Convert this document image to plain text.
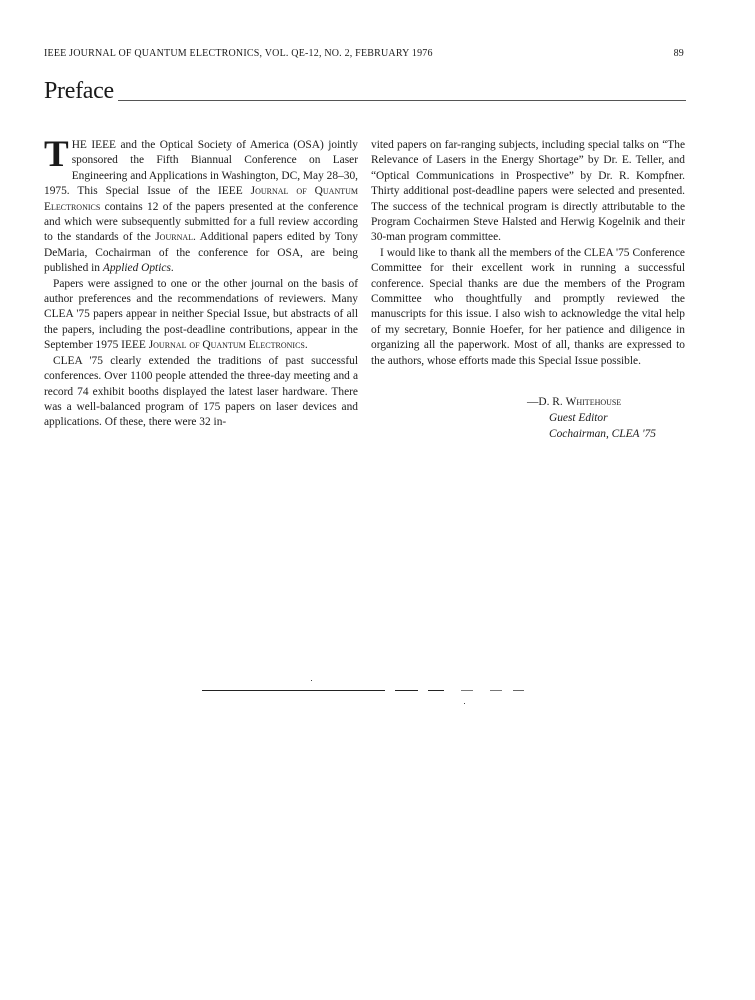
IEEE JOURNAL OF QUANTUM ELECTRONICS, VOL. QE-12, NO. 2, FEBRUARY 1976	89
Preface

THE IEEE and the Optical Society of America (OSA) jointly sponsored the Fifth Biannual Conference on Laser Engineering and Applications in Washington, DC, May 28–30, 1975. This Special Issue of the IEEE Journal of Quantum Electronics contains 12 of the papers presented at the conference and which were subsequently submitted for a full review according to the standards of the Journal. Additional papers edited by Tony DeMaria, Cochairman of the conference for OSA, are being published in Applied Optics.

Papers were assigned to one or the other journal on the basis of author preferences and the recommendations of reviewers. Many CLEA '75 papers appear in neither Special Issue, but abstracts of all the papers, including the post-deadline contributions, appear in the September 1975 IEEE Journal of Quantum Electronics.

CLEA '75 clearly extended the traditions of past successful conferences. Over 1100 people attended the three-day meeting and a record 74 exhibit booths displayed the latest laser hardware. There was a well-balanced program of 175 papers on laser devices and applications. Of these, there were 32 in-

vited papers on far-ranging subjects, including special talks on “The Relevance of Lasers in the Energy Shortage” by Dr. E. Teller, and “Optical Communications in Prospective” by Dr. R. Kompfner. Thirty additional post-deadline papers were selected and presented. The success of the technical program is directly attributable to the Program Cochairmen Steve Halsted and Herwig Kogelnik and their 30-man program committee.

I would like to thank all the members of the CLEA '75 Conference Committee for their excellent work in running a successful conference. Special thanks are due the members of the Program Committee who thoughtfully and promptly reviewed the manuscripts for this issue. I also wish to acknowledge the vital help of my secretary, Bonnie Hoefer, for her patience and diligence in organizing all the paperwork. Most of all, thanks are expressed to the authors, whose efforts made this Special Issue possible.

—D. R. Whitehouse
Guest Editor
Cochairman, CLEA '75
